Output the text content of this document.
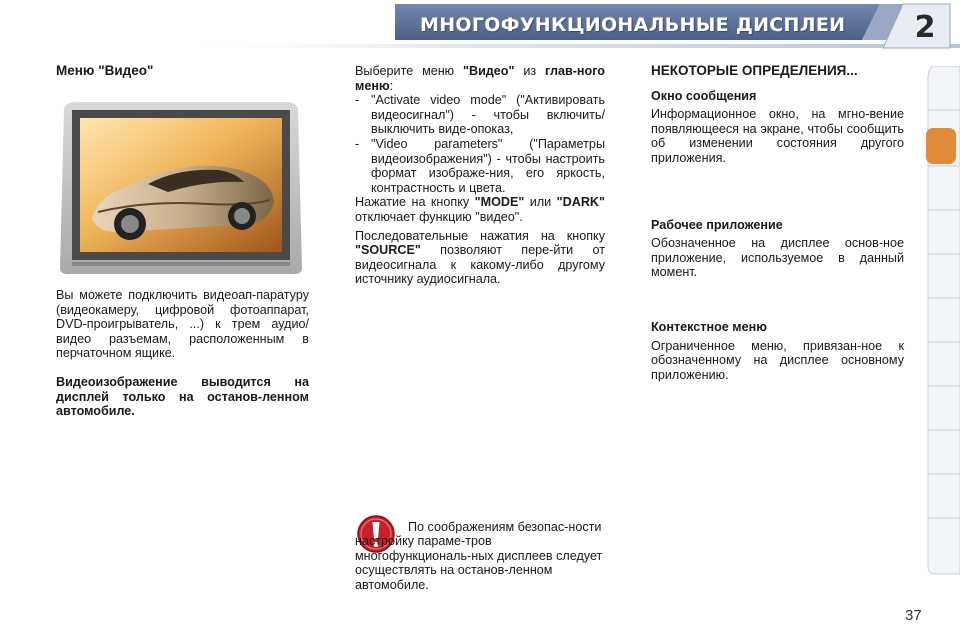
МНОГОФУНКЦИОНАЛЬНЫЕ ДИСПЛЕИ	2
Меню "Видео"

Вы можете подключить видеоап-паратуру (видеокамеру, цифровой фотоаппарат, DVD-проигрыватель, ...) к трем аудио/видео разъемам, расположенным в перчаточном ящике.

Видеоизображение выводится на дисплей только на останов-ленном автомобиле.

Выберите меню "Видео" из глав-ного меню:

- "Activate video mode" ("Активировать видеосигнал") - чтобы включить/выключить виде-опоказ,
- "Video parameters" ("Параметры видеоизображения") - чтобы настроить формат изображе-ния, его яркость, контрастность и цвета.

Нажатие на кнопку "MODE" или "DARK" отключает функцию "видео".

Последовательные нажатия на кнопку "SOURCE" позволяют пере-йти от видеосигнала к какому-либо другому источнику аудиосигнала.

По соображениям безопас-ности настройку параме-тров многофункциональ-ных дисплеев следует осуществлять на останов-ленном автомобиле.

НЕКОТОРЫЕ ОПРЕДЕЛЕНИЯ...
Окно сообщения

Информационное окно, на мгно-вение появляющееся на экране, чтобы сообщить об изменении состояния другого приложения.

Рабочее приложение

Обозначенное на дисплее основ-ное приложение, используемое в данный момент.

Контекстное меню

Ограниченное меню, привязан-ное к обозначенному на дисплее основному приложению.

37
